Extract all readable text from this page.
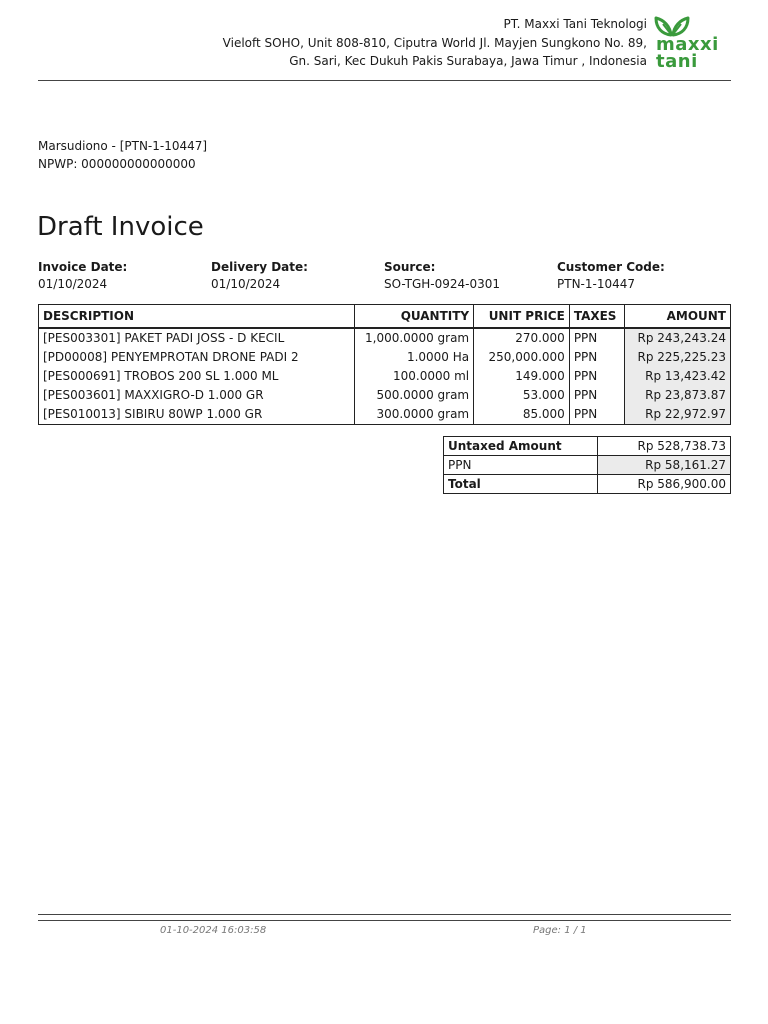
PT. Maxxi Tani Teknologi
Vieloft SOHO, Unit 808-810, Ciputra World Jl. Mayjen Sungkono No. 89,
Gn. Sari, Kec Dukuh Pakis Surabaya, Jawa Timur , Indonesia
maxxi
tani
Marsudiono - [PTN-1-10447]
NPWP: 000000000000000
Draft Invoice
Invoice Date:
01/10/2024
Delivery Date:
01/10/2024
Source:
SO-TGH-0924-0301
Customer Code:
PTN-1-10447
DESCRIPTION	QUANTITY	UNIT PRICE	TAXES	AMOUNT
[PES003301] PAKET PADI JOSS - D KECIL	1,000.0000 gram	270.000	PPN	Rp 243,243.24
[PD00008] PENYEMPROTAN DRONE PADI 2	1.0000 Ha	250,000.000	PPN	Rp 225,225.23
[PES000691] TROBOS 200 SL 1.000 ML	100.0000 ml	149.000	PPN	Rp 13,423.42
[PES003601] MAXXIGRO-D 1.000 GR	500.0000 gram	53.000	PPN	Rp 23,873.87
[PES010013] SIBIRU 80WP 1.000 GR	300.0000 gram	85.000	PPN	Rp 22,972.97
Untaxed Amount	Rp 528,738.73
PPN	Rp 58,161.27
Total	Rp 586,900.00
01-10-2024 16:03:58	Page: 1 / 1
